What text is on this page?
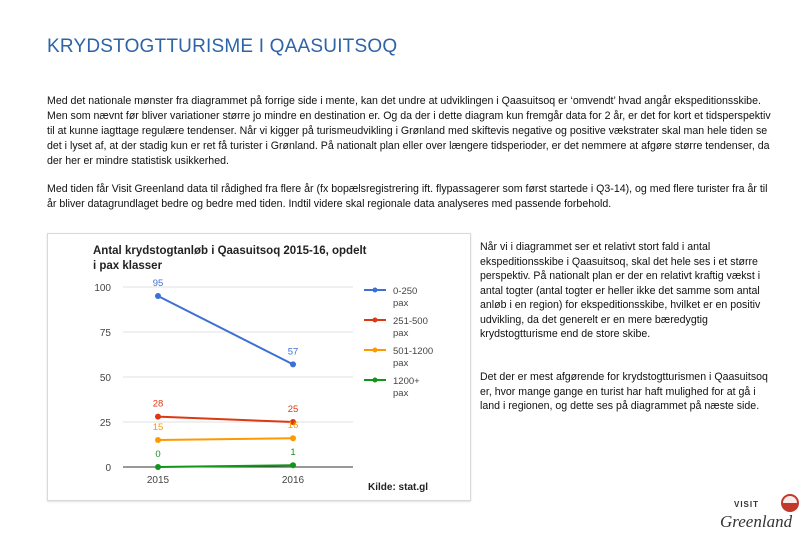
KRYDSTOGTTURISME I QAASUITSOQ
Med det nationale mønster fra diagrammet på forrige side i mente, kan det undre at udviklingen i Qaasuitsoq er ‘omvendt’ hvad angår ekspeditionsskibe. Men som nævnt før bliver variationer større jo mindre en destination er. Og da der i dette diagram kun fremgår data for 2 år, er det for kort et tidsperspektiv til at kunne iagttage regulære tendenser. Når vi kigger på turismeudvikling i Grønland med skiftevis negative og positive vækstrater skal man hele tiden se det i lyset af, at der stadig kun er ret få turister i Grønland. På nationalt plan eller over længere tidsperioder, er det nemmere at afgøre større tendenser, da der her er mindre statistisk usikkerhed.
Med tiden får Visit Greenland data til rådighed fra flere år (fx bopælsregistrering ift. flypassagerer som først startede i Q3-14), og med flere turister fra år til år bliver datagrundlaget bedre og bedre med tiden. Indtil videre skal regionale data analyseres med passende forbehold.
Antal krydstogtanløb i Qaasuitsoq 2015-16, opdelt
i pax klasser
0
25
50
75
100
2015	2016
95
57
28	25
15	16
0	1
0-250
pax
251-500
pax
501-1200
pax
1200+
pax
Kilde: stat.gl
Når vi i diagrammet ser et relativt stort fald i antal ekspeditionsskibe i Qaasuitsoq, skal det hele ses i et større perspektiv. På nationalt plan er der en relativt kraftig vækst i antal togter (antal togter er heller ikke det samme som antal anløb i en region) for ekspeditionsskibe, hvilket er en positiv udvikling, da det generelt er en mere bæredygtig krydstogtturisme end de store skibe.
Det der er mest afgørende for krydstogtturismen i Qaasuitsoq er, hvor mange gange en turist har haft mulighed for at gå i land i regionen, og dette ses på diagrammet på næste side.
VISIT
Greenland
